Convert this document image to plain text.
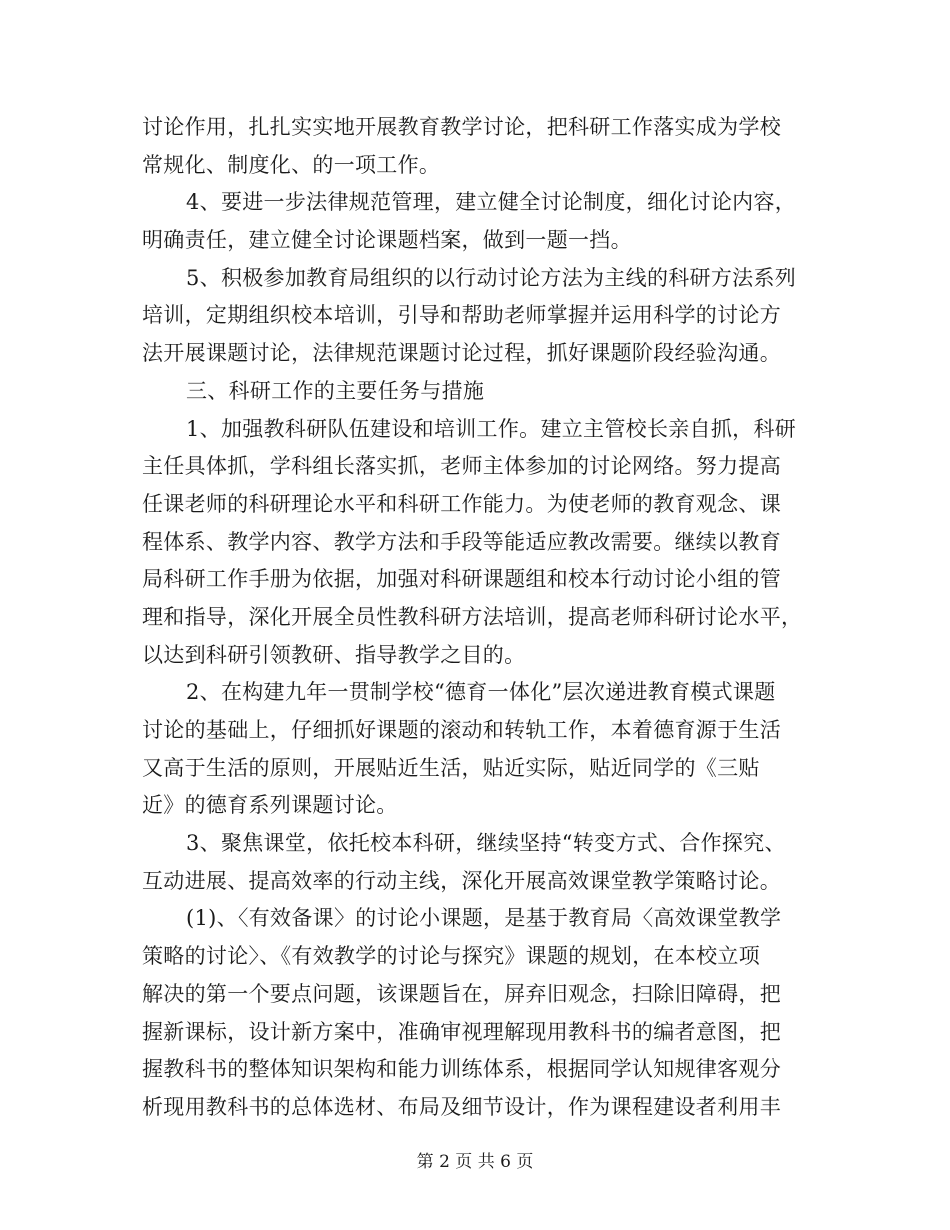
讨论作用，扎扎实实地开展教育教学讨论，把科研工作落实成为学校
常规化、制度化、的一项工作。
4、要进一步法律规范管理，建立健全讨论制度，细化讨论内容，
明确责任，建立健全讨论课题档案，做到一题一挡。
5、积极参加教育局组织的以行动讨论方法为主线的科研方法系列
培训，定期组织校本培训，引导和帮助老师掌握并运用科学的讨论方
法开展课题讨论，法律规范课题讨论过程，抓好课题阶段经验沟通。
三、科研工作的主要任务与措施
1、加强教科研队伍建设和培训工作。建立主管校长亲自抓，科研
主任具体抓，学科组长落实抓，老师主体参加的讨论网络。努力提高
任课老师的科研理论水平和科研工作能力。为使老师的教育观念、课
程体系、教学内容、教学方法和手段等能适应教改需要。继续以教育
局科研工作手册为依据，加强对科研课题组和校本行动讨论小组的管
理和指导，深化开展全员性教科研方法培训，提高老师科研讨论水平，
以达到科研引领教研、指导教学之目的。
2、在构建九年一贯制学校“德育一体化”层次递进教育模式课题
讨论的基础上，仔细抓好课题的滚动和转轨工作，本着德育源于生活
又高于生活的原则，开展贴近生活，贴近实际，贴近同学的《三贴
近》的德育系列课题讨论。
3、聚焦课堂，依托校本科研，继续坚持“转变方式、合作探究、
互动进展、提高效率的行动主线，深化开展高效课堂教学策略讨论。
(1)、〈有效备课〉的讨论小课题，是基于教育局〈高效课堂教学
策略的讨论〉、《有效教学的讨论与探究》课题的规划，在本校立项
解决的第一个要点问题，该课题旨在，屏弃旧观念，扫除旧障碍，把
握新课标，设计新方案中，准确审视理解现用教科书的编者意图，把
握教科书的整体知识架构和能力训练体系，根据同学认知规律客观分
析现用教科书的总体选材、布局及细节设计，作为课程建设者利用丰
第 2 页 共 6 页
